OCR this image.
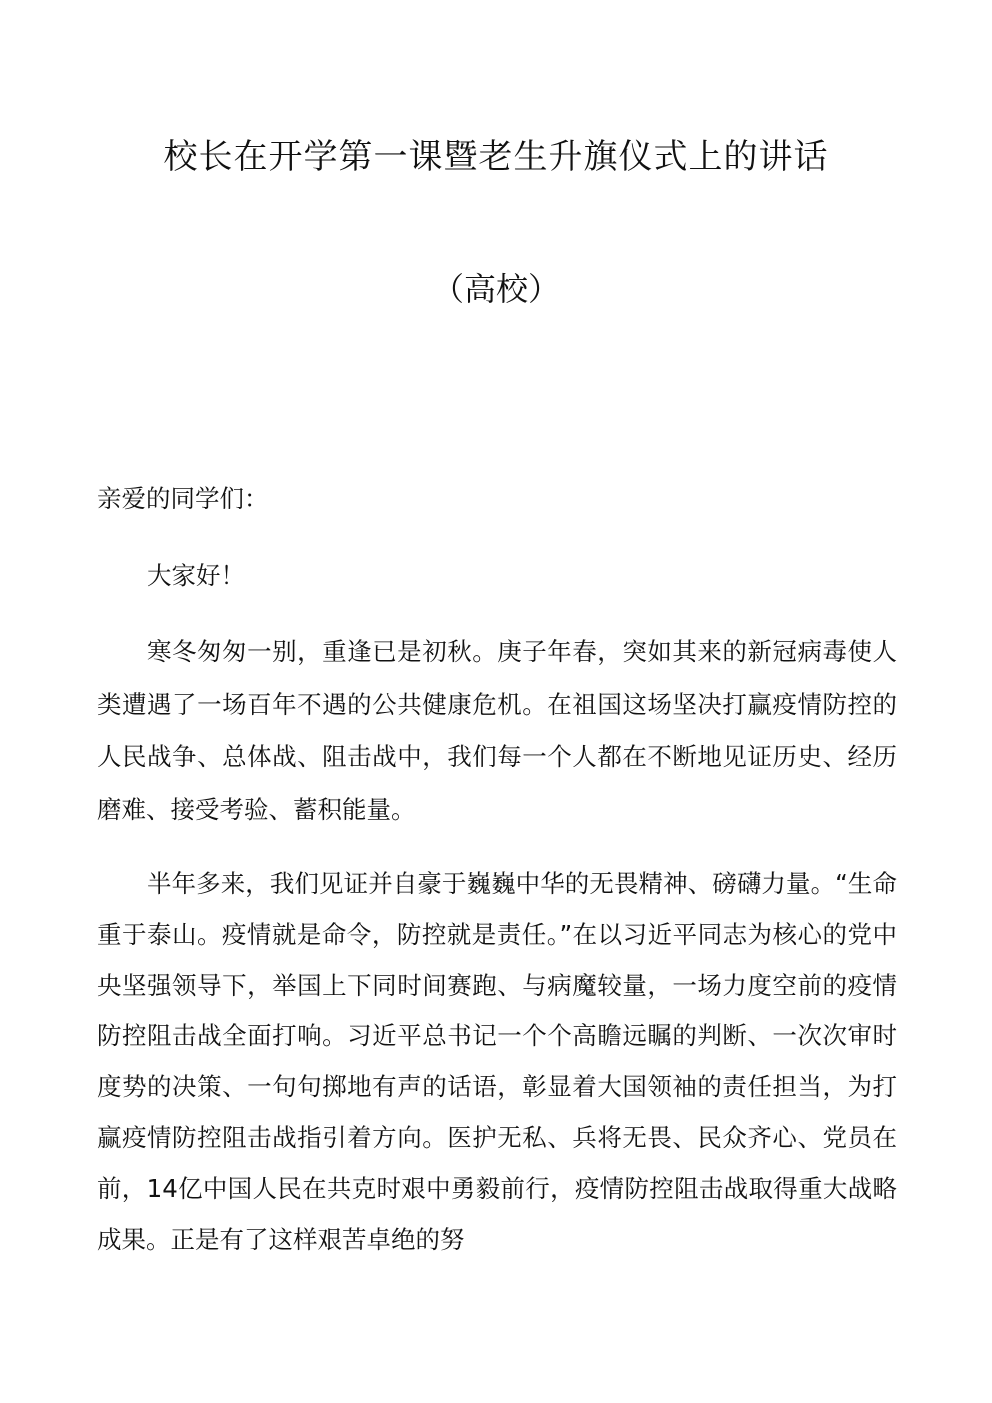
校长在开学第一课暨老生升旗仪式上的讲话
（高校）

亲爱的同学们：

大家好！

寒冬匆匆一别，重逢已是初秋。庚子年春，突如其来的新冠病毒使人类遭遇了一场百年不遇的公共健康危机。在祖国这场坚决打赢疫情防控的人民战争、总体战、阻击战中，我们每一个人都在不断地见证历史、经历磨难、接受考验、蓄积能量。

半年多来，我们见证并自豪于巍巍中华的无畏精神、磅礴力量。“生命重于泰山。疫情就是命令，防控就是责任。”在以习近平同志为核心的党中央坚强领导下，举国上下同时间赛跑、与病魔较量，一场力度空前的疫情防控阻击战全面打响。习近平总书记一个个高瞻远瞩的判断、一次次审时度势的决策、一句句掷地有声的话语，彰显着大国领袖的责任担当，为打赢疫情防控阻击战指引着方向。医护无私、兵将无畏、民众齐心、党员在前，14亿中国人民在共克时艰中勇毅前行，疫情防控阻击战取得重大战略成果。正是有了这样艰苦卓绝的努
